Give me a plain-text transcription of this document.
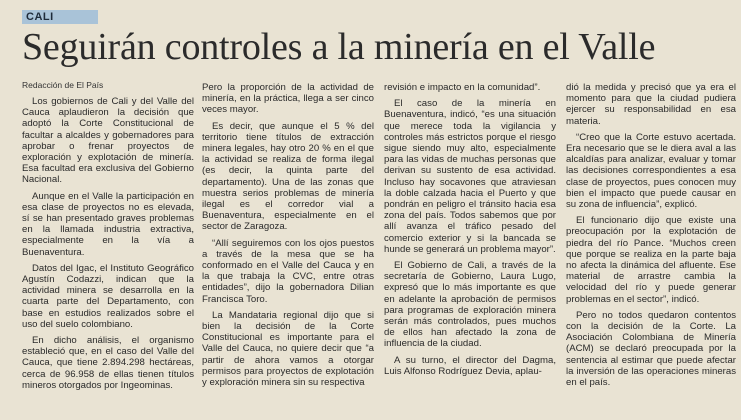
CALI
Seguirán controles a la minería en el Valle
Redacción de El País

Los gobiernos de Cali y del Valle del Cauca aplaudieron la decisión que adoptó la Corte Constitucional de facultar a alcaldes y gobernadores para aprobar o frenar proyectos de exploración y explotación de minería. Esa facultad era exclusiva del Gobierno Nacional.

Aunque en el Valle la participación en esa clase de proyectos no es elevada, sí se han presentado graves problemas en la llamada industria extractiva, especialmente en la vía a Buenaventura.

Datos del Igac, el Instituto Geográfico Agustín Codazzi, indican que la actividad minera se desarrolla en la cuarta parte del Departamento, con base en estudios realizados sobre el uso del suelo colombiano.

En dicho análisis, el organismo estableció que, en el caso del Valle del Cauca, que tiene 2.894.298 hectáreas, cerca de 96.958 de ellas tienen títulos mineros otorgados por Ingeominas.

Pero la proporción de la actividad de minería, en la práctica, llega a ser cinco veces mayor.

Es decir, que aunque el 5 % del territorio tiene títulos de extracción minera legales, hay otro 20 % en el que la actividad se realiza de forma ilegal (es decir, la quinta parte del departamento). Una de las zonas que muestra serios problemas de minería ilegal es el corredor vial a Buenaventura, especialmente en el sector de Zaragoza.

“Allí seguiremos con los ojos puestos a través de la mesa que se ha conformado en el Valle del Cauca y en la que trabaja la CVC, entre otras entidades”, dijo la gobernadora Dilian Francisca Toro.

La Mandataria regional dijo que si bien la decisión de la Corte Constitucional es importante para el Valle del Cauca, no quiere decir que “a partir de ahora vamos a otorgar permisos para proyectos de explotación y exploración minera sin su respectiva

revisión e impacto en la comunidad”.

El caso de la minería en Buenaventura, indicó, “es una situación que merece toda la vigilancia y controles más estrictos porque el riesgo sigue siendo muy alto, especialmente para las vidas de muchas personas que derivan su sustento de esa actividad. Incluso hay socavones que atraviesan la doble calzada hacia el Puerto y que pondrán en peligro el tránsito hacia esa zona del país. Todos sabemos que por allí avanza el tráfico pesado del comercio exterior y si la bancada se hunde se generará un problema mayor”.

El Gobierno de Cali, a través de la secretaría de Gobierno, Laura Lugo, expresó que lo más importante es que en adelante la aprobación de permisos para programas de exploración minera serán más controlados, pues muchos de ellos han afectado la zona de influencia de la ciudad.

A su turno, el director del Dagma, Luis Alfonso Rodríguez Devia, aplau-

dió la medida y precisó que ya era el momento para que la ciudad pudiera ejercer su responsabilidad en esa materia.

“Creo que la Corte estuvo acertada. Era necesario que se le diera aval a las alcaldías para analizar, evaluar y tomar las decisiones correspondientes a esa clase de proyectos, pues conocen muy bien el impacto que puede causar en su zona de influencia”, explicó.

El funcionario dijo que existe una preocupación por la explotación de piedra del río Pance. “Muchos creen que porque se realiza en la parte baja no afecta la dinámica del afluente. Ese material de arrastre cambia la velocidad del río y puede generar problemas en el sector”, indicó.

Pero no todos quedaron contentos con la decisión de la Corte. La Asociación Colombiana de Minería (ACM) se declaró preocupada por la sentencia al estimar que puede afectar la inversión de las operaciones mineras en el país.
